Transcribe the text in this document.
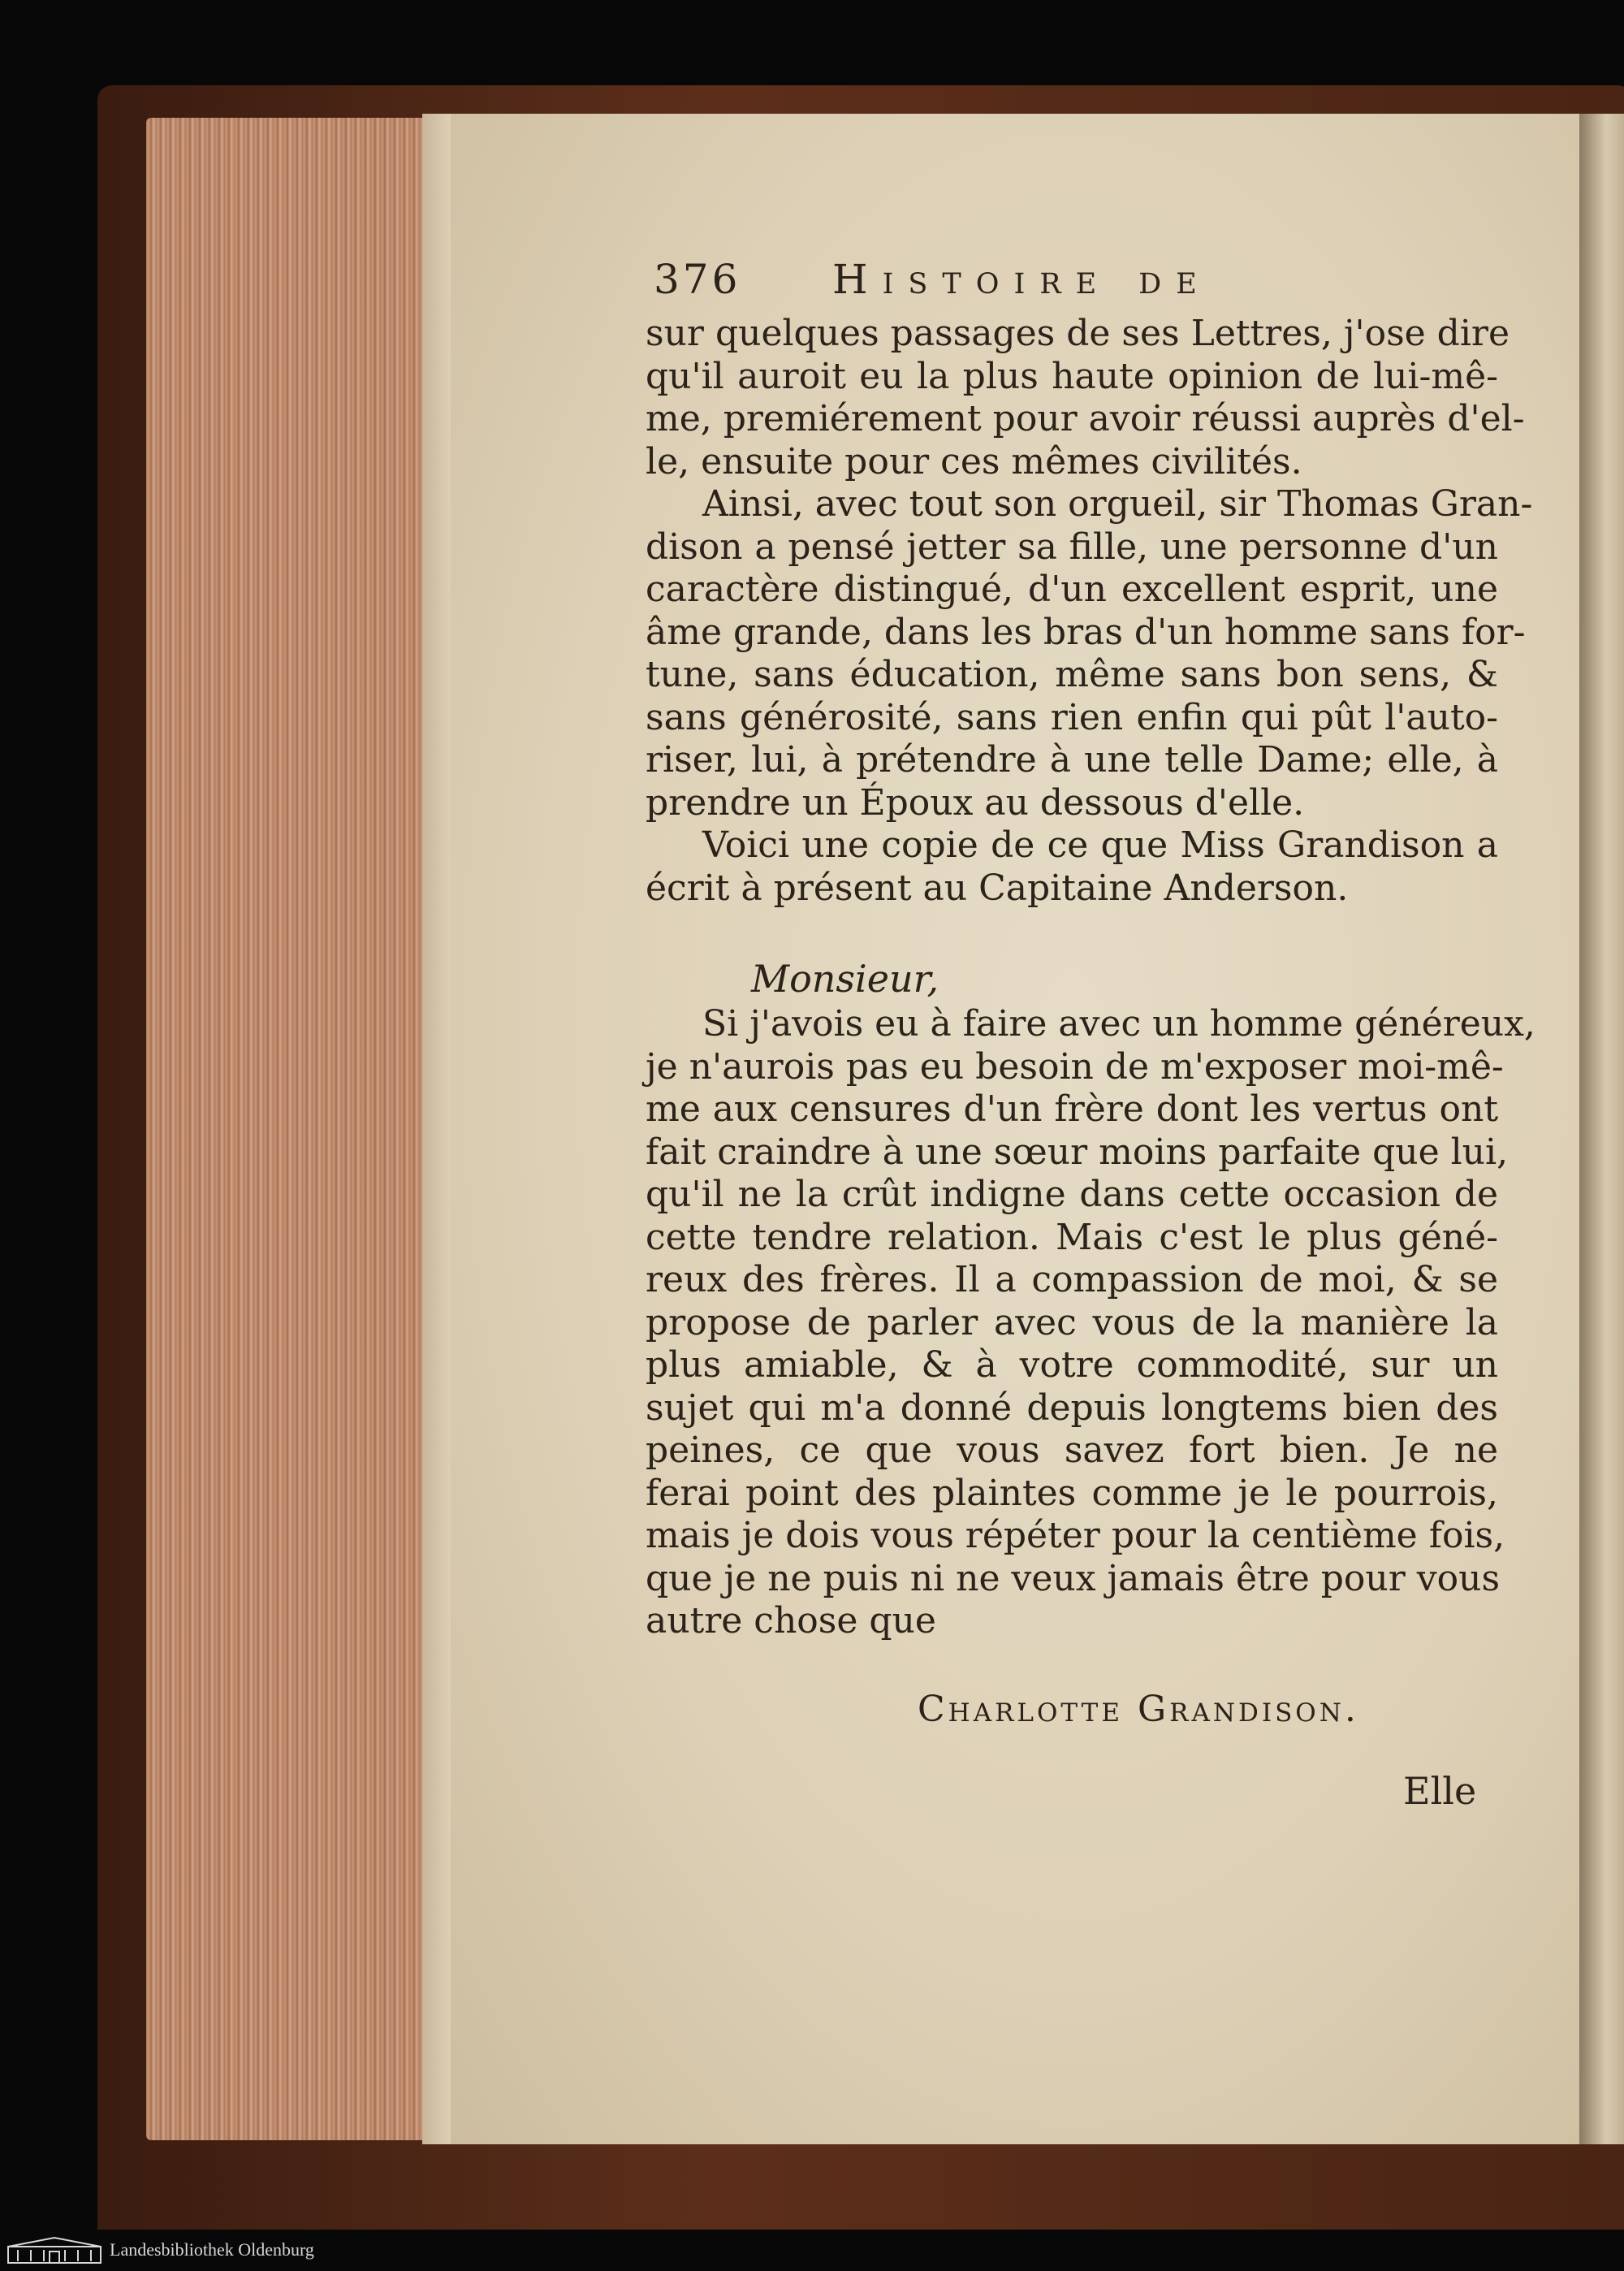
376 Histoire de
sur quelques passages de ses Lettres, j'ose dire
qu'il auroit eu la plus haute opinion de lui-mê-
me, premiérement pour avoir réussi auprès d'el-
le, ensuite pour ces mêmes civilités.
Ainsi, avec tout son orgueil, sir Thomas Gran-
dison a pensé jetter sa fille, une personne d'un
caractère distingué, d'un excellent esprit, une
âme grande, dans les bras d'un homme sans for-
tune, sans éducation, même sans bon sens, &
sans générosité, sans rien enfin qui pût l'auto-
riser, lui, à prétendre à une telle Dame; elle, à
prendre un Époux au dessous d'elle.
Voici une copie de ce que Miss Grandison a
écrit à présent au Capitaine Anderson.
Monsieur,
Si j'avois eu à faire avec un homme généreux,
je n'aurois pas eu besoin de m'exposer moi-mê-
me aux censures d'un frère dont les vertus ont
fait craindre à une sœur moins parfaite que lui,
qu'il ne la crût indigne dans cette occasion de
cette tendre relation. Mais c'est le plus géné-
reux des frères. Il a compassion de moi, & se
propose de parler avec vous de la manière la
plus amiable, & à votre commodité, sur un
sujet qui m'a donné depuis longtems bien des
peines, ce que vous savez fort bien. Je ne
ferai point des plaintes comme je le pourrois,
mais je dois vous répéter pour la centième fois,
que je ne puis ni ne veux jamais être pour vous
autre chose que
Charlotte Grandison.
Elle
Landesbibliothek Oldenburg
